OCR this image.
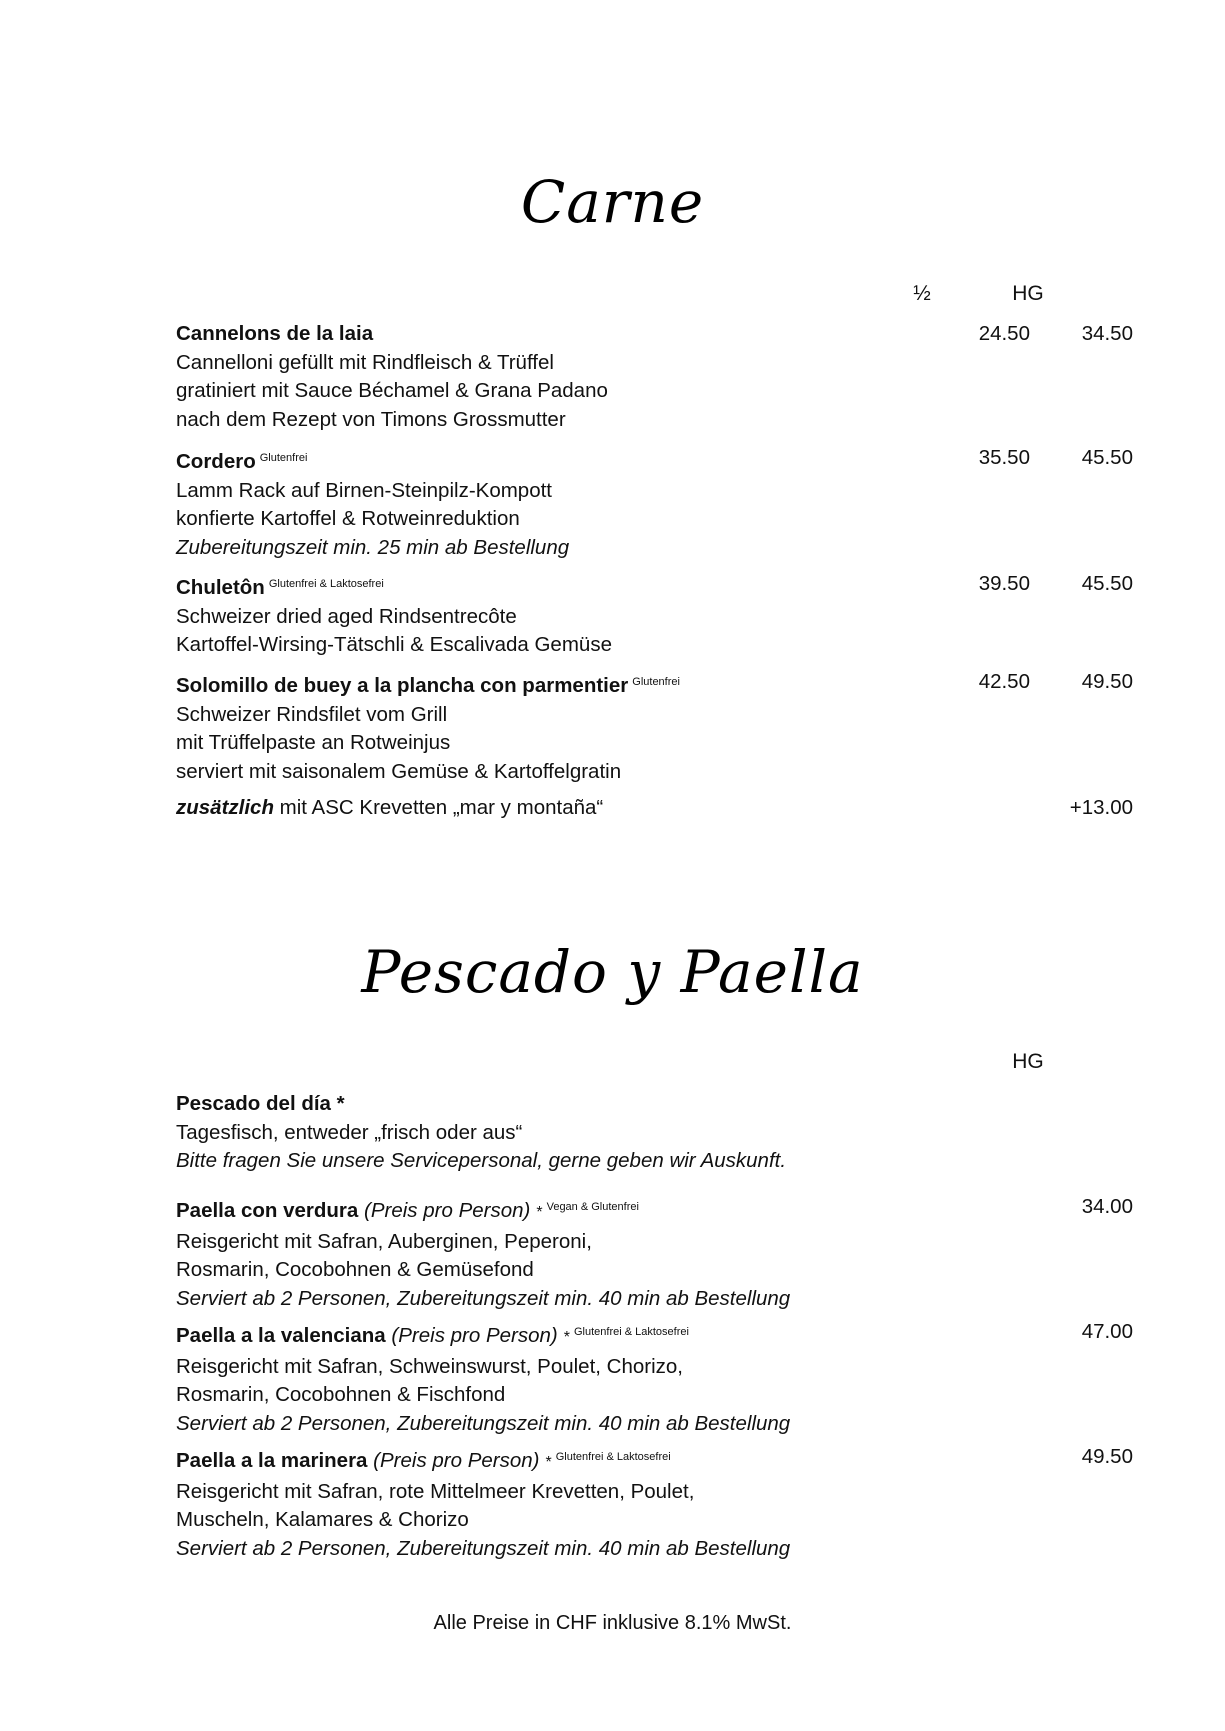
Carne
½	HG
Cannelons de la laia
Cannelloni gefüllt mit Rindfleisch & Trüffel
gratiniert mit Sauce Béchamel & Grana Padano
nach dem Rezept von Timons Grossmutter
24.50	34.50
Cordero $^{Glutenfrei}$
Lamm Rack auf Birnen-Steinpilz-Kompott
konfierte Kartoffel & Rotweinreduktion
Zubereitungszeit min. 25 min ab Bestellung
35.50	45.50
Chuletôn $^{Glutenfrei \& Laktosefrei}$
Schweizer dried aged Rindsentrecôte
Kartoffel-Wirsing-Tätschli & Escalivada Gemüse
39.50	45.50
Solomillo de buey a la plancha con parmentier $^{Glutenfrei}$
Schweizer Rindsfilet vom Grill
mit Trüffelpaste an Rotweinjus
serviert mit saisonalem Gemüse & Kartoffelgratin
42.50	49.50
zusätzlich mit ASC Krevetten „mar y montaña“	+13.00
Pescado y Paella
HG
Pescado del día *
Tagesfisch, entweder „frisch oder aus“
Bitte fragen Sie unsere Servicepersonal, gerne geben wir Auskunft.
Paella con verdura (Preis pro Person) * $^{Vegan \& Glutenfrei}$
Reisgericht mit Safran, Auberginen, Peperoni,
Rosmarin, Cocobohnen & Gemüsefond
Serviert ab 2 Personen, Zubereitungszeit min. 40 min ab Bestellung
34.00
Paella a la valenciana (Preis pro Person) * $^{Glutenfrei \& Laktosefrei}$
Reisgericht mit Safran, Schweinswurst, Poulet, Chorizo,
Rosmarin, Cocobohnen & Fischfond
Serviert ab 2 Personen, Zubereitungszeit min. 40 min ab Bestellung
47.00
Paella a la marinera (Preis pro Person) * $^{Glutenfrei \& Laktosefrei}$
Reisgericht mit Safran, rote Mittelmeer Krevetten, Poulet,
Muscheln, Kalamares & Chorizo
Serviert ab 2 Personen, Zubereitungszeit min. 40 min ab Bestellung
49.50
Alle Preise in CHF inklusive 8.1% MwSt.
